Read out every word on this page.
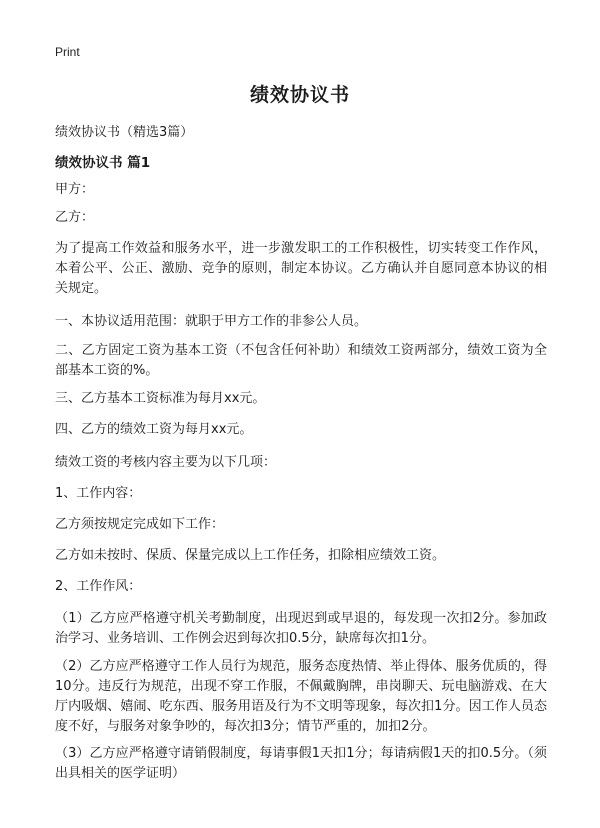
Print
绩效协议书
绩效协议书（精选3篇）
绩效协议书 篇1
甲方：
乙方：
为了提高工作效益和服务水平，进一步激发职工的工作积极性，切实转变工作作风，本着公平、公正、激励、竞争的原则，制定本协议。乙方确认并自愿同意本协议的相关规定。
一、本协议适用范围：就职于甲方工作的非参公人员。
二、乙方固定工资为基本工资（不包含任何补助）和绩效工资两部分，绩效工资为全部基本工资的%。
三、乙方基本工资标准为每月xx元。
四、乙方的绩效工资为每月xx元。
绩效工资的考核内容主要为以下几项：
1、工作内容：
乙方须按规定完成如下工作：
乙方如未按时、保质、保量完成以上工作任务，扣除相应绩效工资。
2、工作作风：
（1）乙方应严格遵守机关考勤制度，出现迟到或早退的，每发现一次扣2分。参加政治学习、业务培训、工作例会迟到每次扣0.5分，缺席每次扣1分。
（2）乙方应严格遵守工作人员行为规范，服务态度热情、举止得体、服务优质的，得10分。违反行为规范，出现不穿工作服，不佩戴胸牌，串岗聊天、玩电脑游戏、在大厅内吸烟、嬉闹、吃东西、服务用语及行为不文明等现象，每次扣1分。因工作人员态度不好，与服务对象争吵的，每次扣3分；情节严重的，加扣2分。
（3）乙方应严格遵守请销假制度，每请事假1天扣1分；每请病假1天的扣0.5分。（须出具相关的医学证明）
